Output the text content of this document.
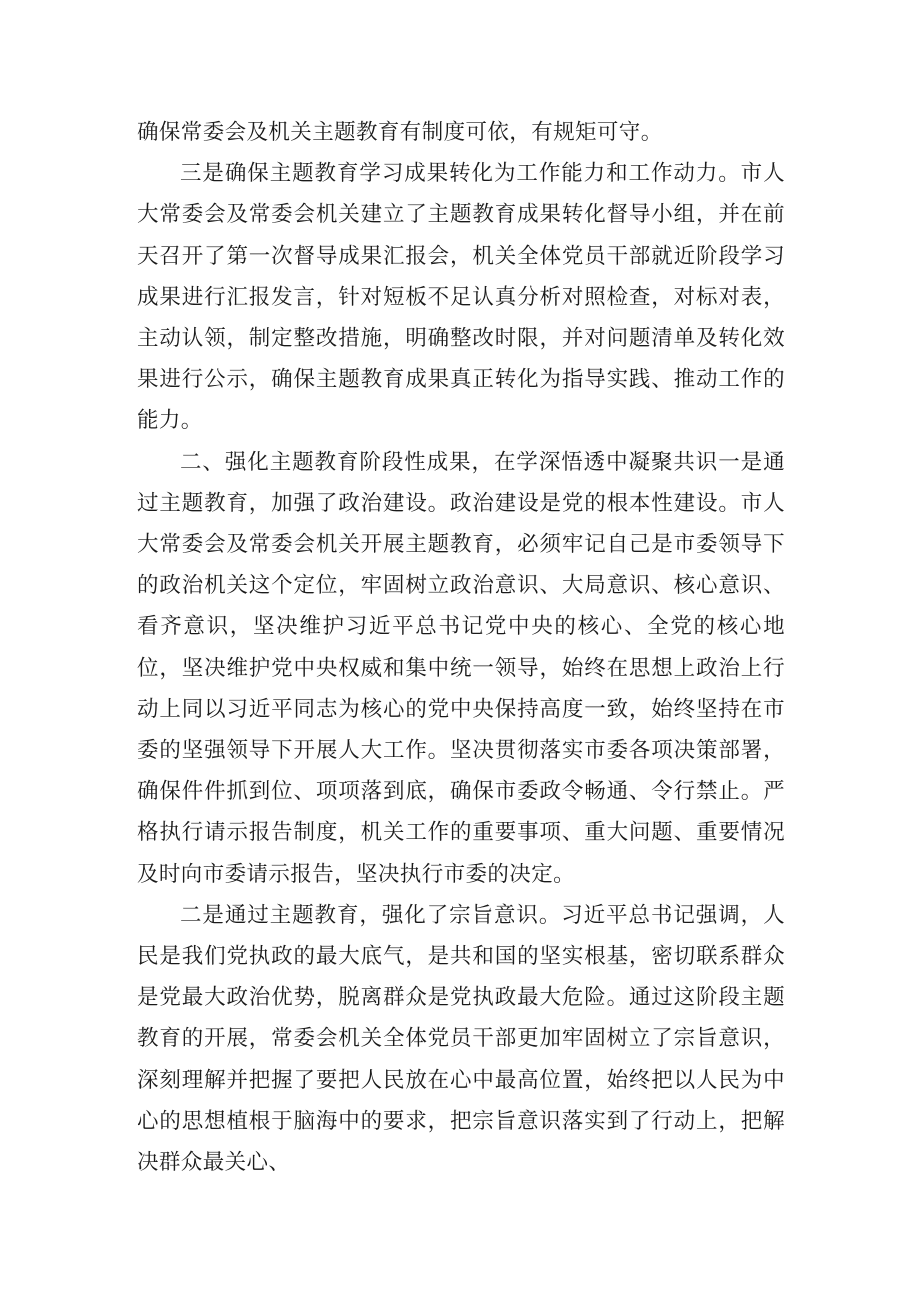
确保常委会及机关主题教育有制度可依，有规矩可守。

三是确保主题教育学习成果转化为工作能力和工作动力。市人大常委会及常委会机关建立了主题教育成果转化督导小组，并在前天召开了第一次督导成果汇报会，机关全体党员干部就近阶段学习成果进行汇报发言，针对短板不足认真分析对照检查，对标对表，主动认领，制定整改措施，明确整改时限，并对问题清单及转化效果进行公示，确保主题教育成果真正转化为指导实践、推动工作的能力。

二、强化主题教育阶段性成果，在学深悟透中凝聚共识一是通过主题教育，加强了政治建设。政治建设是党的根本性建设。市人大常委会及常委会机关开展主题教育，必须牢记自己是市委领导下的政治机关这个定位，牢固树立政治意识、大局意识、核心意识、看齐意识，坚决维护习近平总书记党中央的核心、全党的核心地位，坚决维护党中央权威和集中统一领导，始终在思想上政治上行动上同以习近平同志为核心的党中央保持高度一致，始终坚持在市委的坚强领导下开展人大工作。坚决贯彻落实市委各项决策部署，确保件件抓到位、项项落到底，确保市委政令畅通、令行禁止。严格执行请示报告制度，机关工作的重要事项、重大问题、重要情况及时向市委请示报告，坚决执行市委的决定。

二是通过主题教育，强化了宗旨意识。习近平总书记强调，人民是我们党执政的最大底气，是共和国的坚实根基，密切联系群众是党最大政治优势，脱离群众是党执政最大危险。通过这阶段主题教育的开展，常委会机关全体党员干部更加牢固树立了宗旨意识，深刻理解并把握了要把人民放在心中最高位置，始终把以人民为中心的思想植根于脑海中的要求，把宗旨意识落实到了行动上，把解决群众最关心、
